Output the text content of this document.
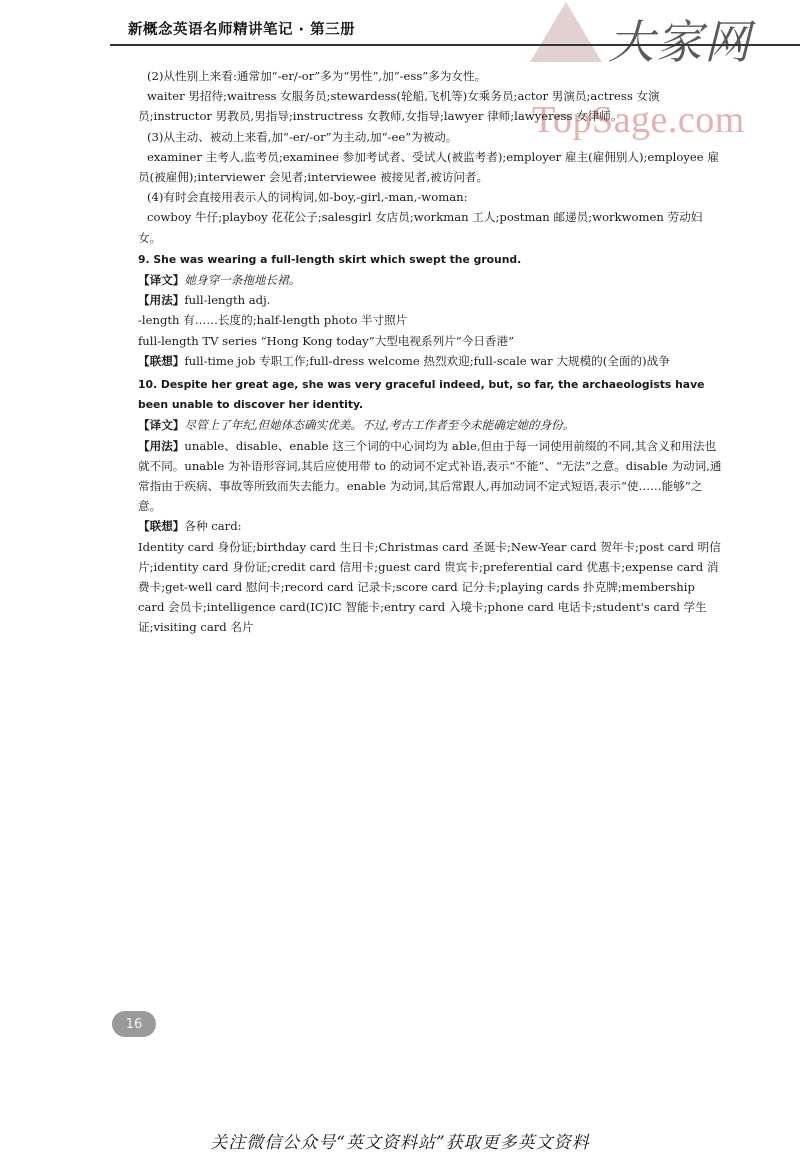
新概念英语名师精讲笔记 · 第三册	大家网
TopSage.com

(2)从性别上来看:通常加“-er/-or”多为“男性”,加“-ess”多为女性。

waiter 男招待;waitress 女服务员;stewardess(轮船,飞机等)女乘务员;actor 男演员;actress 女演员;instructor 男教员,男指导;instructress 女教师,女指导;lawyer 律师;lawyeress 女律师。

(3)从主动、被动上来看,加“-er/-or”为主动,加“-ee”为被动。

examiner 主考人,监考员;examinee 参加考试者、受试人(被监考者);employer 雇主(雇佣别人);employee 雇员(被雇佣);interviewer 会见者;interviewee 被接见者,被访问者。

(4)有时会直接用表示人的词构词,如-boy,-girl,-man,-woman:

cowboy 牛仔;playboy 花花公子;salesgirl 女店员;workman 工人;postman 邮递员;workwomen 劳动妇女。

9. She was wearing a full-length skirt which swept the ground.

【译文】她身穿一条拖地长裙。

【用法】full-length adj.

-length 有……长度的;half-length photo 半寸照片

full-length TV series “Hong Kong today”大型电视系列片“今日香港”

【联想】full-time job 专职工作;full-dress welcome 热烈欢迎;full-scale war 大规模的(全面的)战争

10. Despite her great age, she was very graceful indeed, but, so far, the archaeologists have been unable to discover her identity.

【译文】尽管上了年纪,但她体态确实优美。不过,考古工作者至今未能确定她的身份。

【用法】unable、disable、enable 这三个词的中心词均为 able,但由于每一词使用前缀的不同,其含义和用法也就不同。unable 为补语形容词,其后应使用带 to 的动词不定式补语,表示“不能”、“无法”之意。disable 为动词,通常指由于疾病、事故等所致而失去能力。enable 为动词,其后常跟人,再加动词不定式短语,表示“使……能够”之意。

【联想】各种 card:

Identity card 身份证;birthday card 生日卡;Christmas card 圣诞卡;New-Year card 贺年卡;post card 明信片;identity card 身份证;credit card 信用卡;guest card 贵宾卡;preferential card 优惠卡;expense card 消费卡;get-well card 慰问卡;record card 记录卡;score card 记分卡;playing cards 扑克牌;membership card 会员卡;intelligence card(IC)IC 智能卡;entry card 入境卡;phone card 电话卡;student's card 学生证;visiting card 名片

16
关注微信公众号“英文资料站”获取更多英文资料
